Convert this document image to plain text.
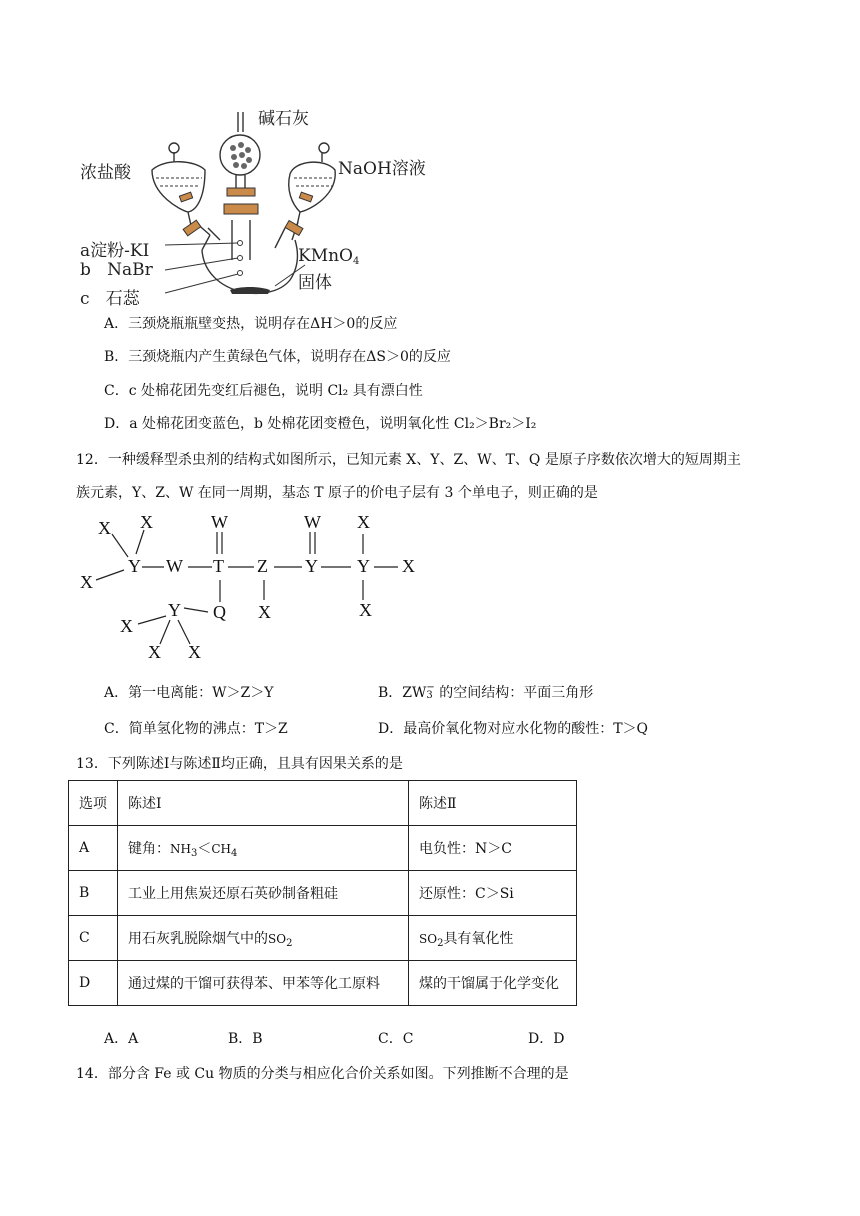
碱石灰
浓盐酸	NaOH溶液
a淀粉-KI
b NaBr
c 石蕊
KMnO$_4$
固体
A．三颈烧瓶瓶壁变热，说明存在ΔH＞0的反应
B．三颈烧瓶内产生黄绿色气体，说明存在ΔS＞0的反应
C．c 处棉花团先变红后褪色，说明 Cl₂ 具有漂白性
D．a 处棉花团变蓝色，b 处棉花团变橙色，说明氧化性 Cl₂＞Br₂＞I₂
12．一种缓释型杀虫剂的结构式如图所示，已知元素 X、Y、Z、W、T、Q 是原子序数依次增大的短周期主
族元素，Y、Z、W 在同一周期，基态 T 原子的价电子层有 3 个单电子，则正确的是
X X
X
Y W T
W
Z Y
W
Y
X
X
X
X
Q
Y
X
X X
A．第一电离能：W＞Z＞Y	B．ZW −
3 的空间结构：平面三角形
C．简单氢化物的沸点：T＞Z	D．最高价氧化物对应水化物的酸性：T＞Q
13．下列陈述Ⅰ与陈述Ⅱ均正确，且具有因果关系的是
选项	陈述Ⅰ	陈述Ⅱ
A	键角：$NH_3<CH_4$	电负性：N＞C
B	工业上用焦炭还原石英砂制备粗硅	还原性：C＞Si
C	用石灰乳脱除烟气中的$SO_2$	$SO_2$具有氧化性
D	通过煤的干馏可获得苯、甲苯等化工原料	煤的干馏属于化学变化
A．A	B．B	C．C	D．D
14．部分含 Fe 或 Cu 物质的分类与相应化合价关系如图。下列推断不合理的是
